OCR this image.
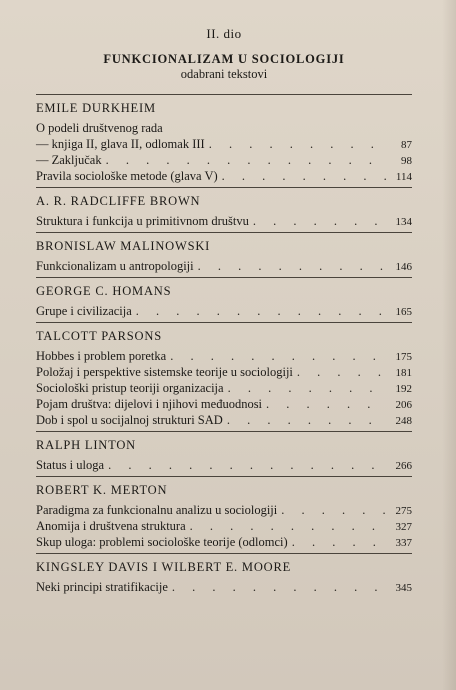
II. dio
FUNKCIONALIZAM U SOCIOLOGIJI
odabrani tekstovi
EMILE DURKHEIM
O podeli društvenog rada
— knjiga II, glava II, odlomak III . . .	87
— Zaključak . . .	98
Pravila sociološke metode (glava V) . . .	114
A. R. RADCLIFFE BROWN
Struktura i funkcija u primitivnom društvu . . .	134
BRONISLAW MALINOWSKI
Funkcionalizam u antropologiji . . .	146
GEORGE C. HOMANS
Grupe i civilizacija . . .	165
TALCOTT PARSONS
Hobbes i problem poretka . . .	175
Položaj i perspektive sistemske teorije u sociologiji . . .	181
Sociološki pristup teoriji organizacija . . .	192
Pojam društva: dijelovi i njihovi međuodnosi . . .	206
Dob i spol u socijalnoj strukturi SAD . . .	248
RALPH LINTON
Status i uloga . . .	266
ROBERT K. MERTON
Paradigma za funkcionalnu analizu u sociologiji . . .	275
Anomija i društvena struktura . . .	327
Skup uloga: problemi sociološke teorije (odlomci) . . .	337
KINGSLEY DAVIS I WILBERT E. MOORE
Neki principi stratifikacije . . .	345
